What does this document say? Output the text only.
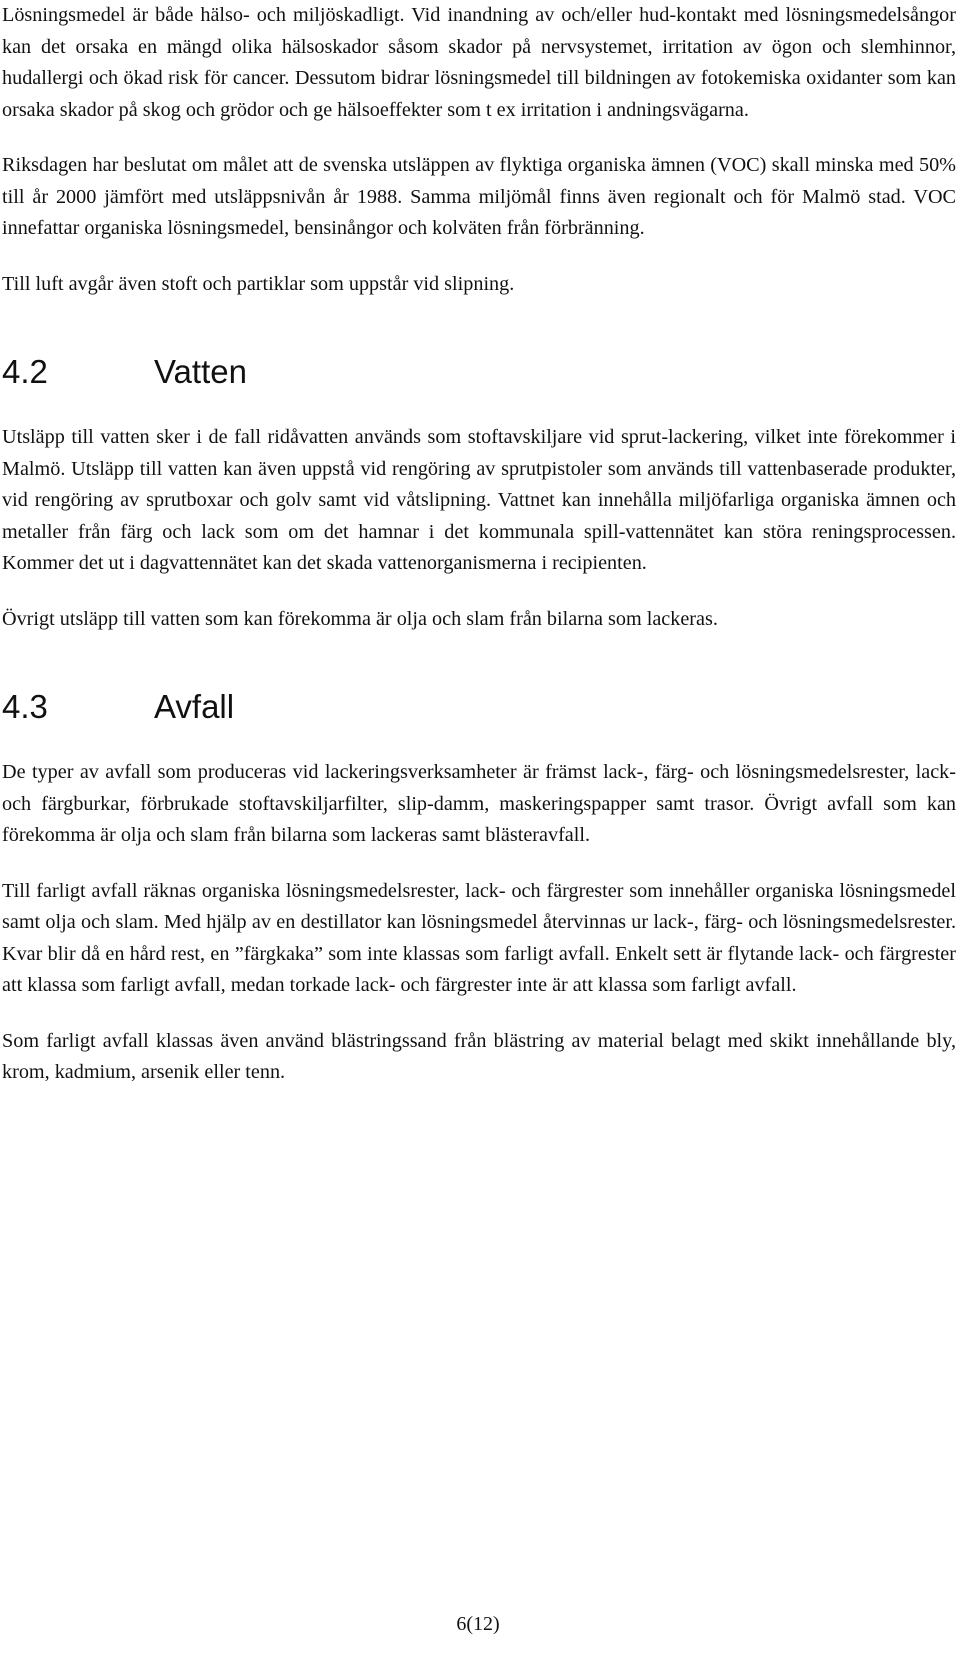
Lösningsmedel är både hälso- och miljöskadligt. Vid inandning av och/eller hud-kontakt med lösningsmedelsångor kan det orsaka en mängd olika hälsoskador såsom skador på nervsystemet, irritation av ögon och slemhinnor, hudallergi och ökad risk för cancer. Dessutom bidrar lösningsmedel till bildningen av fotokemiska oxidanter som kan orsaka skador på skog och grödor och ge hälsoeffekter som t ex irritation i andningsvägarna.

Riksdagen har beslutat om målet att de svenska utsläppen av flyktiga organiska ämnen (VOC) skall minska med 50% till år 2000 jämfört med utsläppsnivån år 1988. Samma miljömål finns även regionalt och för Malmö stad. VOC innefattar organiska lösningsmedel, bensinångor och kolväten från förbränning.

Till luft avgår även stoft och partiklar som uppstår vid slipning.

4.2	Vatten

Utsläpp till vatten sker i de fall ridåvatten används som stoftavskiljare vid sprut-lackering, vilket inte förekommer i Malmö. Utsläpp till vatten kan även uppstå vid rengöring av sprutpistoler som används till vattenbaserade produkter, vid rengöring av sprutboxar och golv samt vid våtslipning. Vattnet kan innehålla miljöfarliga organiska ämnen och metaller från färg och lack som om det hamnar i det kommunala spill-vattennätet kan störa reningsprocessen. Kommer det ut i dagvattennätet kan det skada vattenorganismerna i recipienten.

Övrigt utsläpp till vatten som kan förekomma är olja och slam från bilarna som lackeras.

4.3	Avfall

De typer av avfall som produceras vid lackeringsverksamheter är främst lack-, färg- och lösningsmedelsrester, lack- och färgburkar, förbrukade stoftavskiljarfilter, slip-damm, maskeringspapper samt trasor. Övrigt avfall som kan förekomma är olja och slam från bilarna som lackeras samt blästeravfall.

Till farligt avfall räknas organiska lösningsmedelsrester, lack- och färgrester som innehåller organiska lösningsmedel samt olja och slam. Med hjälp av en destillator kan lösningsmedel återvinnas ur lack-, färg- och lösningsmedelsrester. Kvar blir då en hård rest, en ”färgkaka” som inte klassas som farligt avfall. Enkelt sett är flytande lack- och färgrester att klassa som farligt avfall, medan torkade lack- och färgrester inte är att klassa som farligt avfall.

Som farligt avfall klassas även använd blästringssand från blästring av material belagt med skikt innehållande bly, krom, kadmium, arsenik eller tenn.

6(12)
